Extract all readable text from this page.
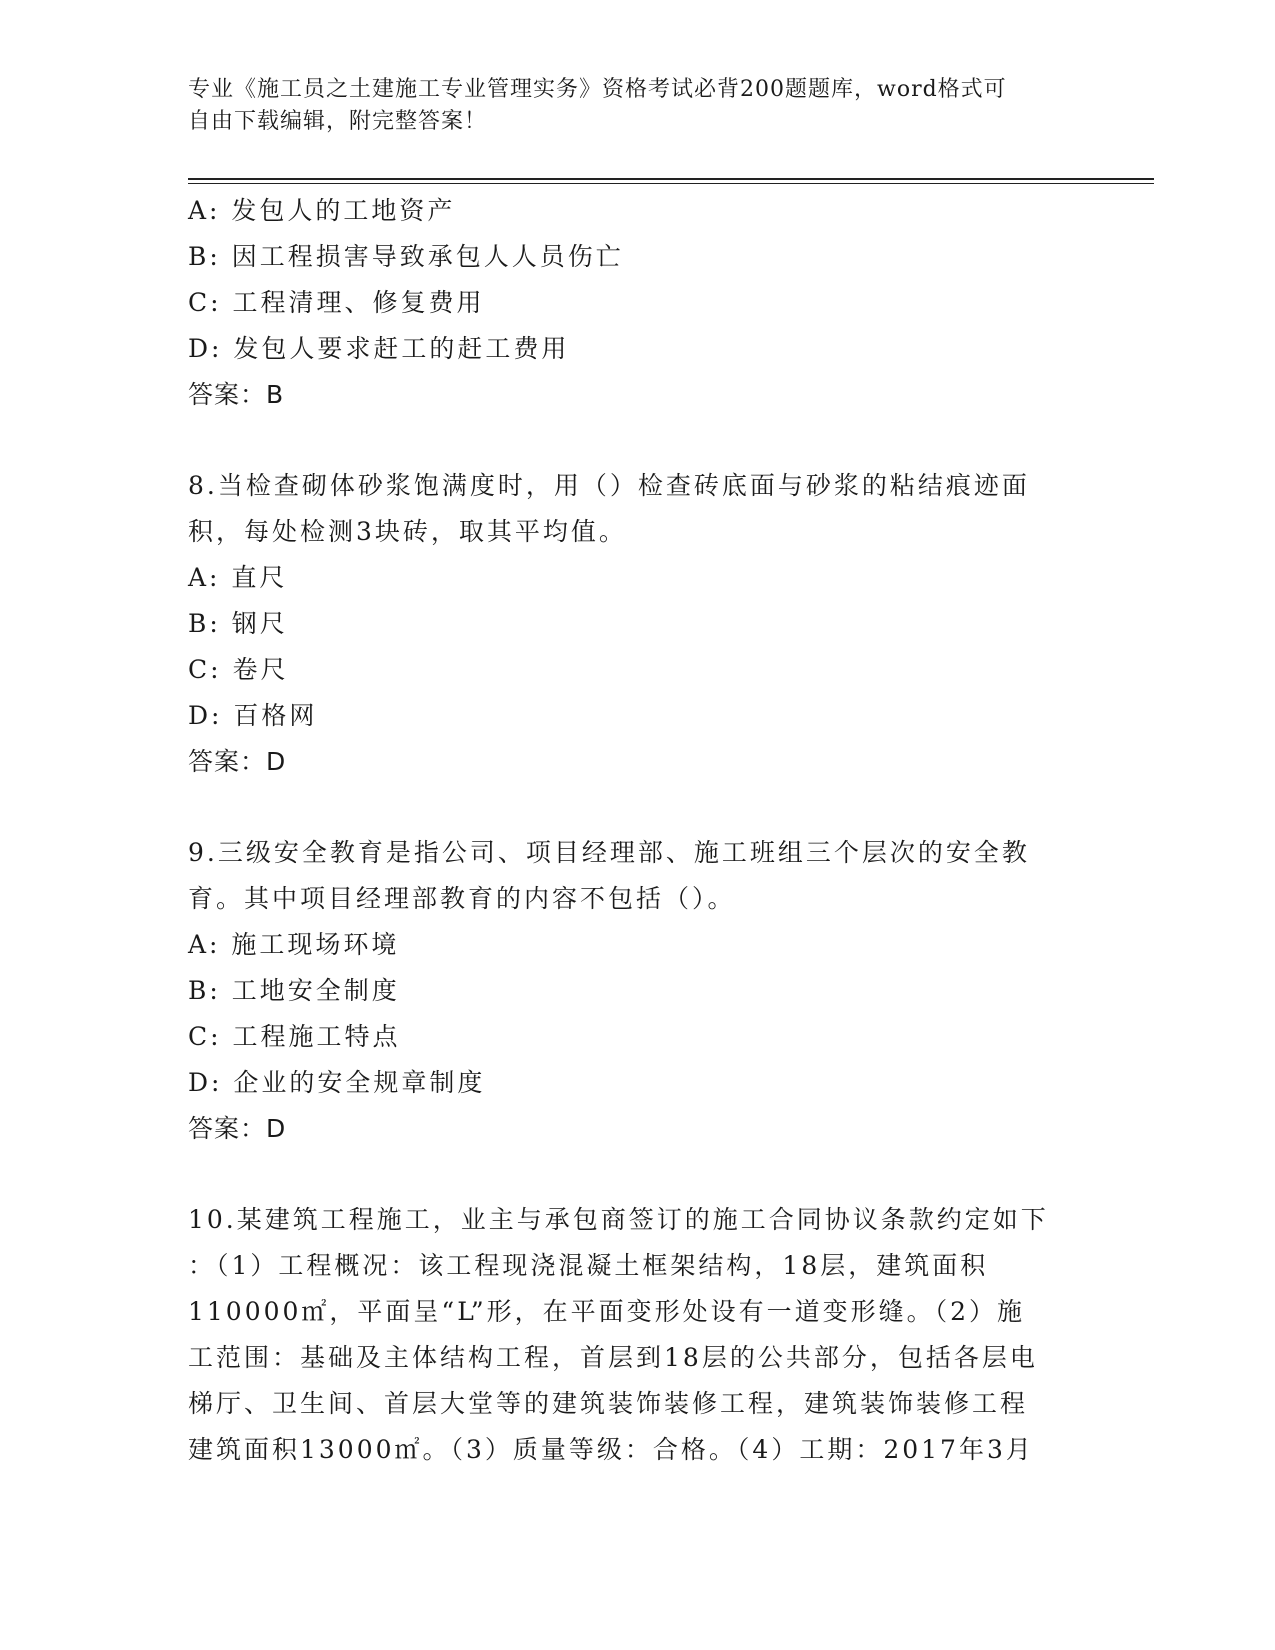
专业《施工员之土建施工专业管理实务》资格考试必背200题题库，word格式可
自由下载编辑，附完整答案！
A: 发包人的工地资产
B: 因工程损害导致承包人人员伤亡
C: 工程清理、修复费用
D: 发包人要求赶工的赶工费用
答案：B
8.当检查砌体砂浆饱满度时，用（）检查砖底面与砂浆的粘结痕迹面
积，每处检测3块砖，取其平均值。
A: 直尺
B: 钢尺
C: 卷尺
D: 百格网
答案：D
9.三级安全教育是指公司、项目经理部、施工班组三个层次的安全教
育。其中项目经理部教育的内容不包括（）。
A: 施工现场环境
B: 工地安全制度
C: 工程施工特点
D: 企业的安全规章制度
答案：D
10.某建筑工程施工，业主与承包商签订的施工合同协议条款约定如下
：（1）工程概况：该工程现浇混凝土框架结构，18层，建筑面积
110000㎡，平面呈“L”形，在平面变形处设有一道变形缝。（2）施
工范围：基础及主体结构工程，首层到18层的公共部分，包括各层电
梯厅、卫生间、首层大堂等的建筑装饰装修工程，建筑装饰装修工程
建筑面积13000㎡。（3）质量等级：合格。（4）工期：2017年3月
